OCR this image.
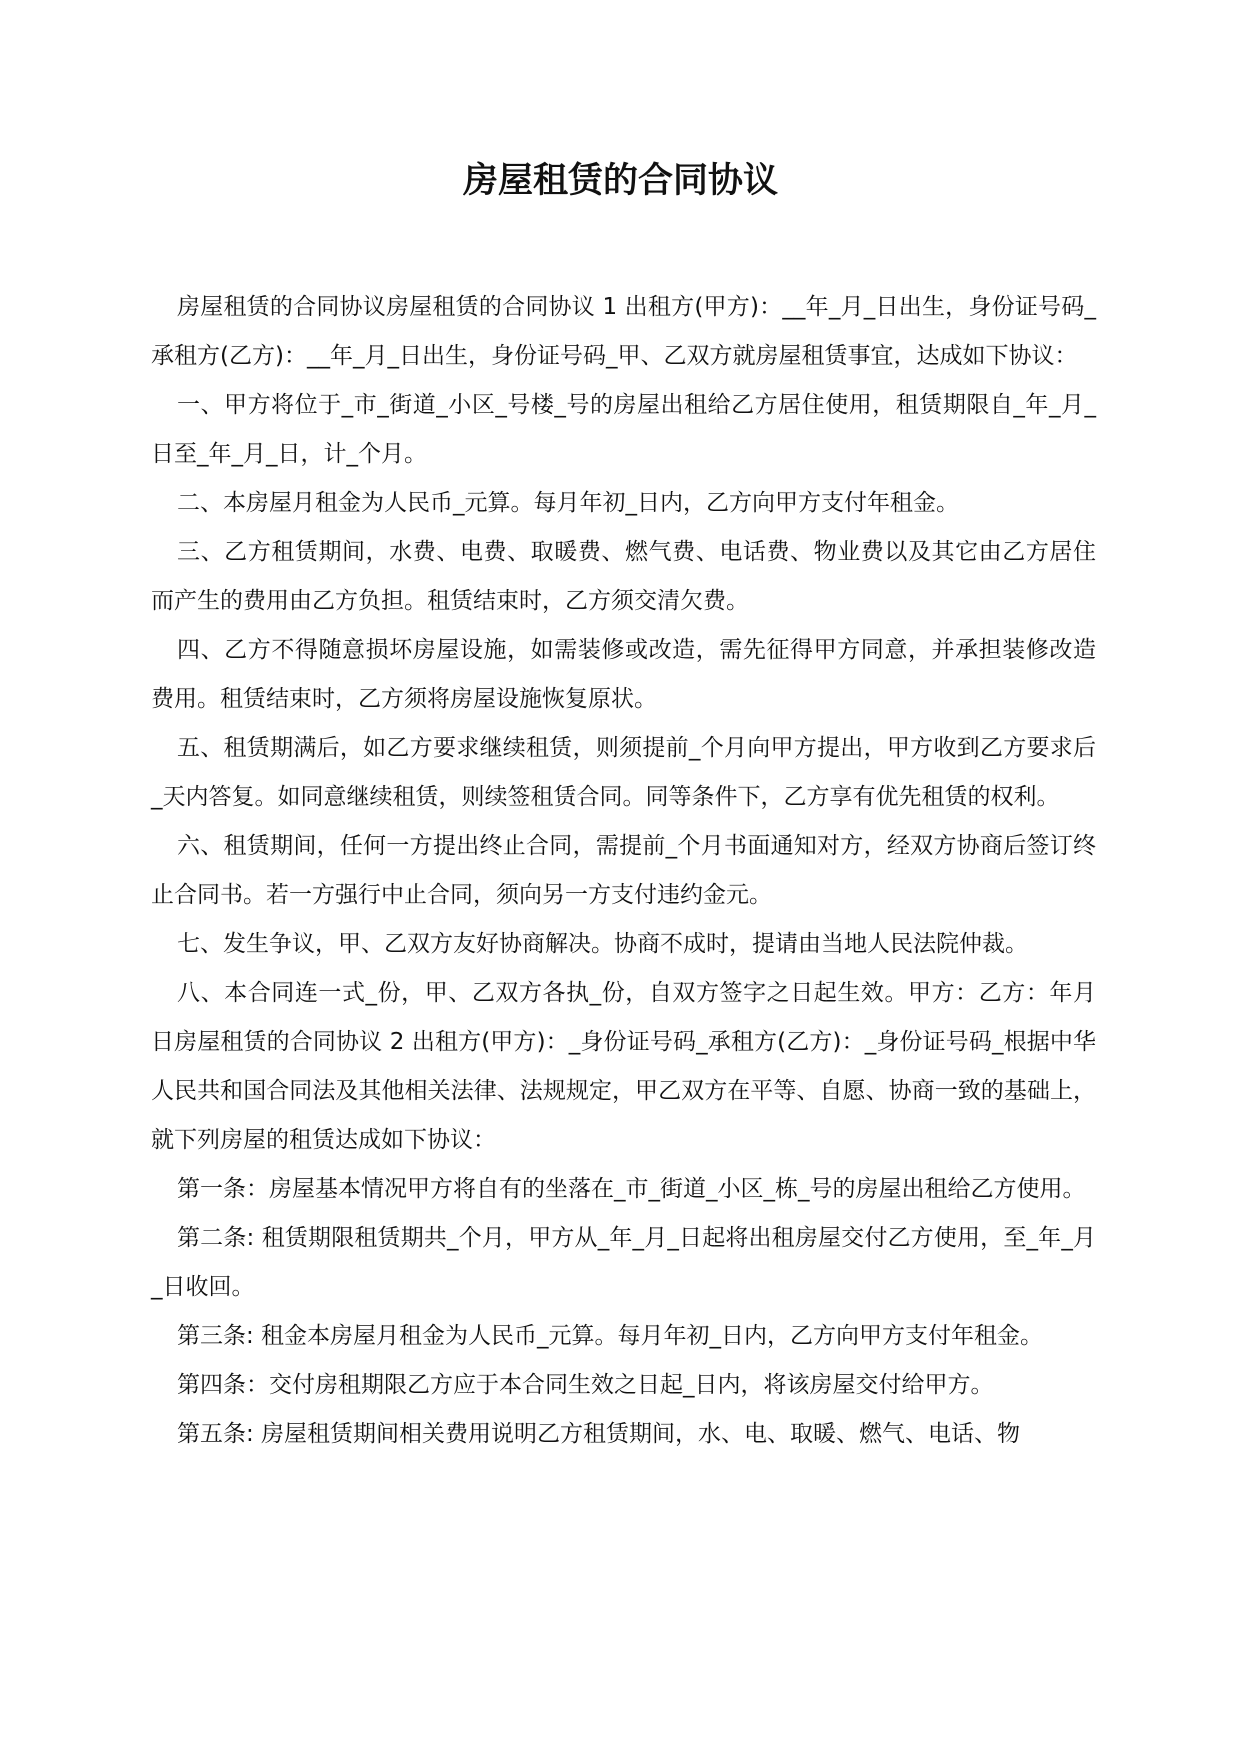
房屋租赁的合同协议

房屋租赁的合同协议房屋租赁的合同协议 1 出租方(甲方)：__年_月_日出生，身份证号码_承租方(乙方)：__年_月_日出生，身份证号码_甲、乙双方就房屋租赁事宜，达成如下协议：

一、甲方将位于_市_街道_小区_号楼_号的房屋出租给乙方居住使用，租赁期限自_年_月_日至_年_月_日，计_个月。

二、本房屋月租金为人民币_元算。每月年初_日内，乙方向甲方支付年租金。

三、乙方租赁期间，水费、电费、取暖费、燃气费、电话费、物业费以及其它由乙方居住而产生的费用由乙方负担。租赁结束时，乙方须交清欠费。

四、乙方不得随意损坏房屋设施，如需装修或改造，需先征得甲方同意，并承担装修改造费用。租赁结束时，乙方须将房屋设施恢复原状。

五、租赁期满后，如乙方要求继续租赁，则须提前_个月向甲方提出，甲方收到乙方要求后_天内答复。如同意继续租赁，则续签租赁合同。同等条件下，乙方享有优先租赁的权利。

六、租赁期间，任何一方提出终止合同，需提前_个月书面通知对方，经双方协商后签订终止合同书。若一方强行中止合同，须向另一方支付违约金元。

七、发生争议，甲、乙双方友好协商解决。协商不成时，提请由当地人民法院仲裁。

八、本合同连一式_份，甲、乙双方各执_份，自双方签字之日起生效。甲方：乙方：年月日房屋租赁的合同协议 2 出租方(甲方)：_身份证号码_承租方(乙方)：_身份证号码_根据中华人民共和国合同法及其他相关法律、法规规定，甲乙双方在平等、自愿、协商一致的基础上，就下列房屋的租赁达成如下协议：

第一条：房屋基本情况甲方将自有的坐落在_市_街道_小区_栋_号的房屋出租给乙方使用。

第二条: 租赁期限租赁期共_个月，甲方从_年_月_日起将出租房屋交付乙方使用，至_年_月_日收回。

第三条: 租金本房屋月租金为人民币_元算。每月年初_日内，乙方向甲方支付年租金。

第四条：交付房租期限乙方应于本合同生效之日起_日内，将该房屋交付给甲方。

第五条: 房屋租赁期间相关费用说明乙方租赁期间，水、电、取暖、燃气、电话、物
